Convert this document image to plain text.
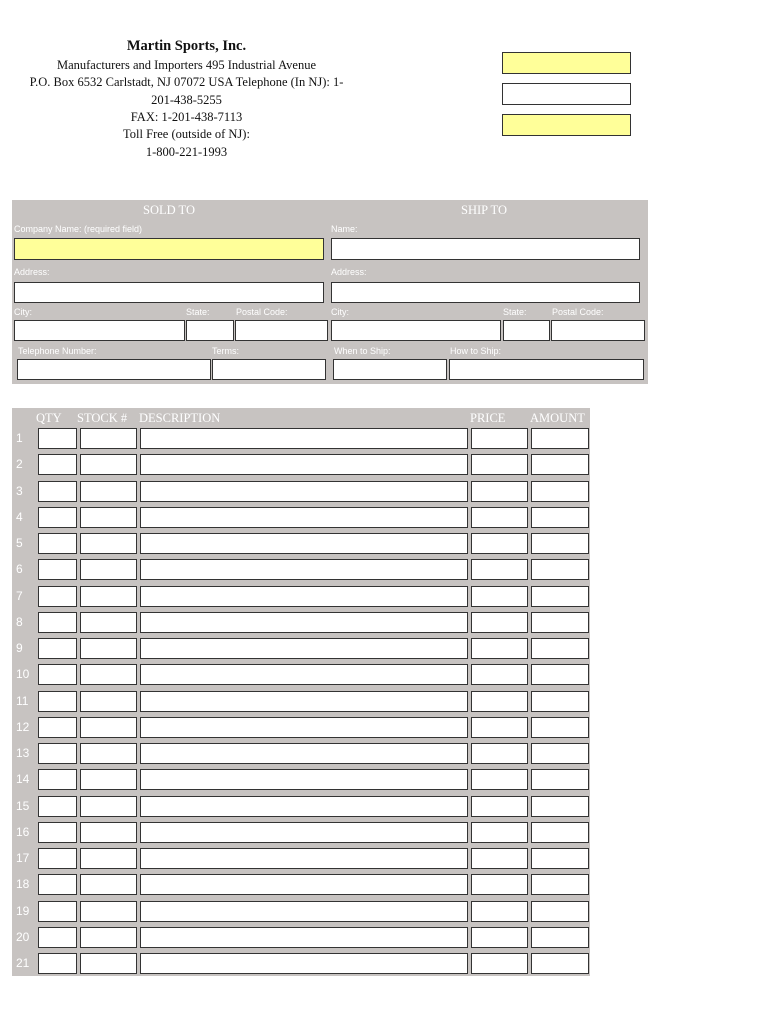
Martin Sports, Inc.
Manufacturers and Importers 495 Industrial Avenue
P.O. Box 6532 Carlstadt, NJ 07072 USA Telephone (In NJ): 1-
201-438-5255
FAX: 1-201-438-7113
Toll Free (outside of NJ):
1-800-221-1993
SOLD TO	SHIP TO
Company Name: (required field)	Name:
Address:	Address:
City:	State:	Postal Code:	City:	State:	Postal Code:
Telephone Number:	Terms:	When to Ship:	How to Ship:
QTY STOCK # DESCRIPTION	PRICE AMOUNT
1
2
3
4
5
6
7
8
9
10
11
12
13
14
15
16
17
18
19
20
21
